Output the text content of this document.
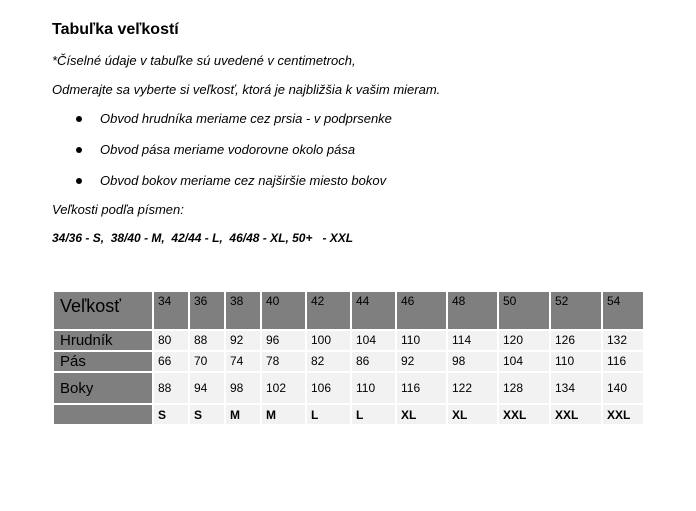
Tabuľka veľkostí
*Číselné údaje v tabuľke sú uvedené v centimetroch,
Odmerajte sa vyberte si veľkosť, ktorá je najbližšia k vašim mieram.
Obvod hrudníka meriame cez prsia - v podprsenke
Obvod pása meriame vodorovne okolo pása
Obvod bokov meriame cez najširšie miesto bokov
Veľkosti podľa písmen:
34/36 - S,  38/40 - M,  42/44 - L,  46/48 - XL, 50+   - XXL
Veľkosť	34	36	38	40	42	44	46	48	50	52	54
Hrudník	80	88	92	96	100	104	110	114	120	126	132
Pás	66	70	74	78	82	86	92	98	104	110	116
Boky	88	94	98	102	106	110	116	122	128	134	140
	S	S	M	M	L	L	XL	XL	XXL	XXL	XXL
